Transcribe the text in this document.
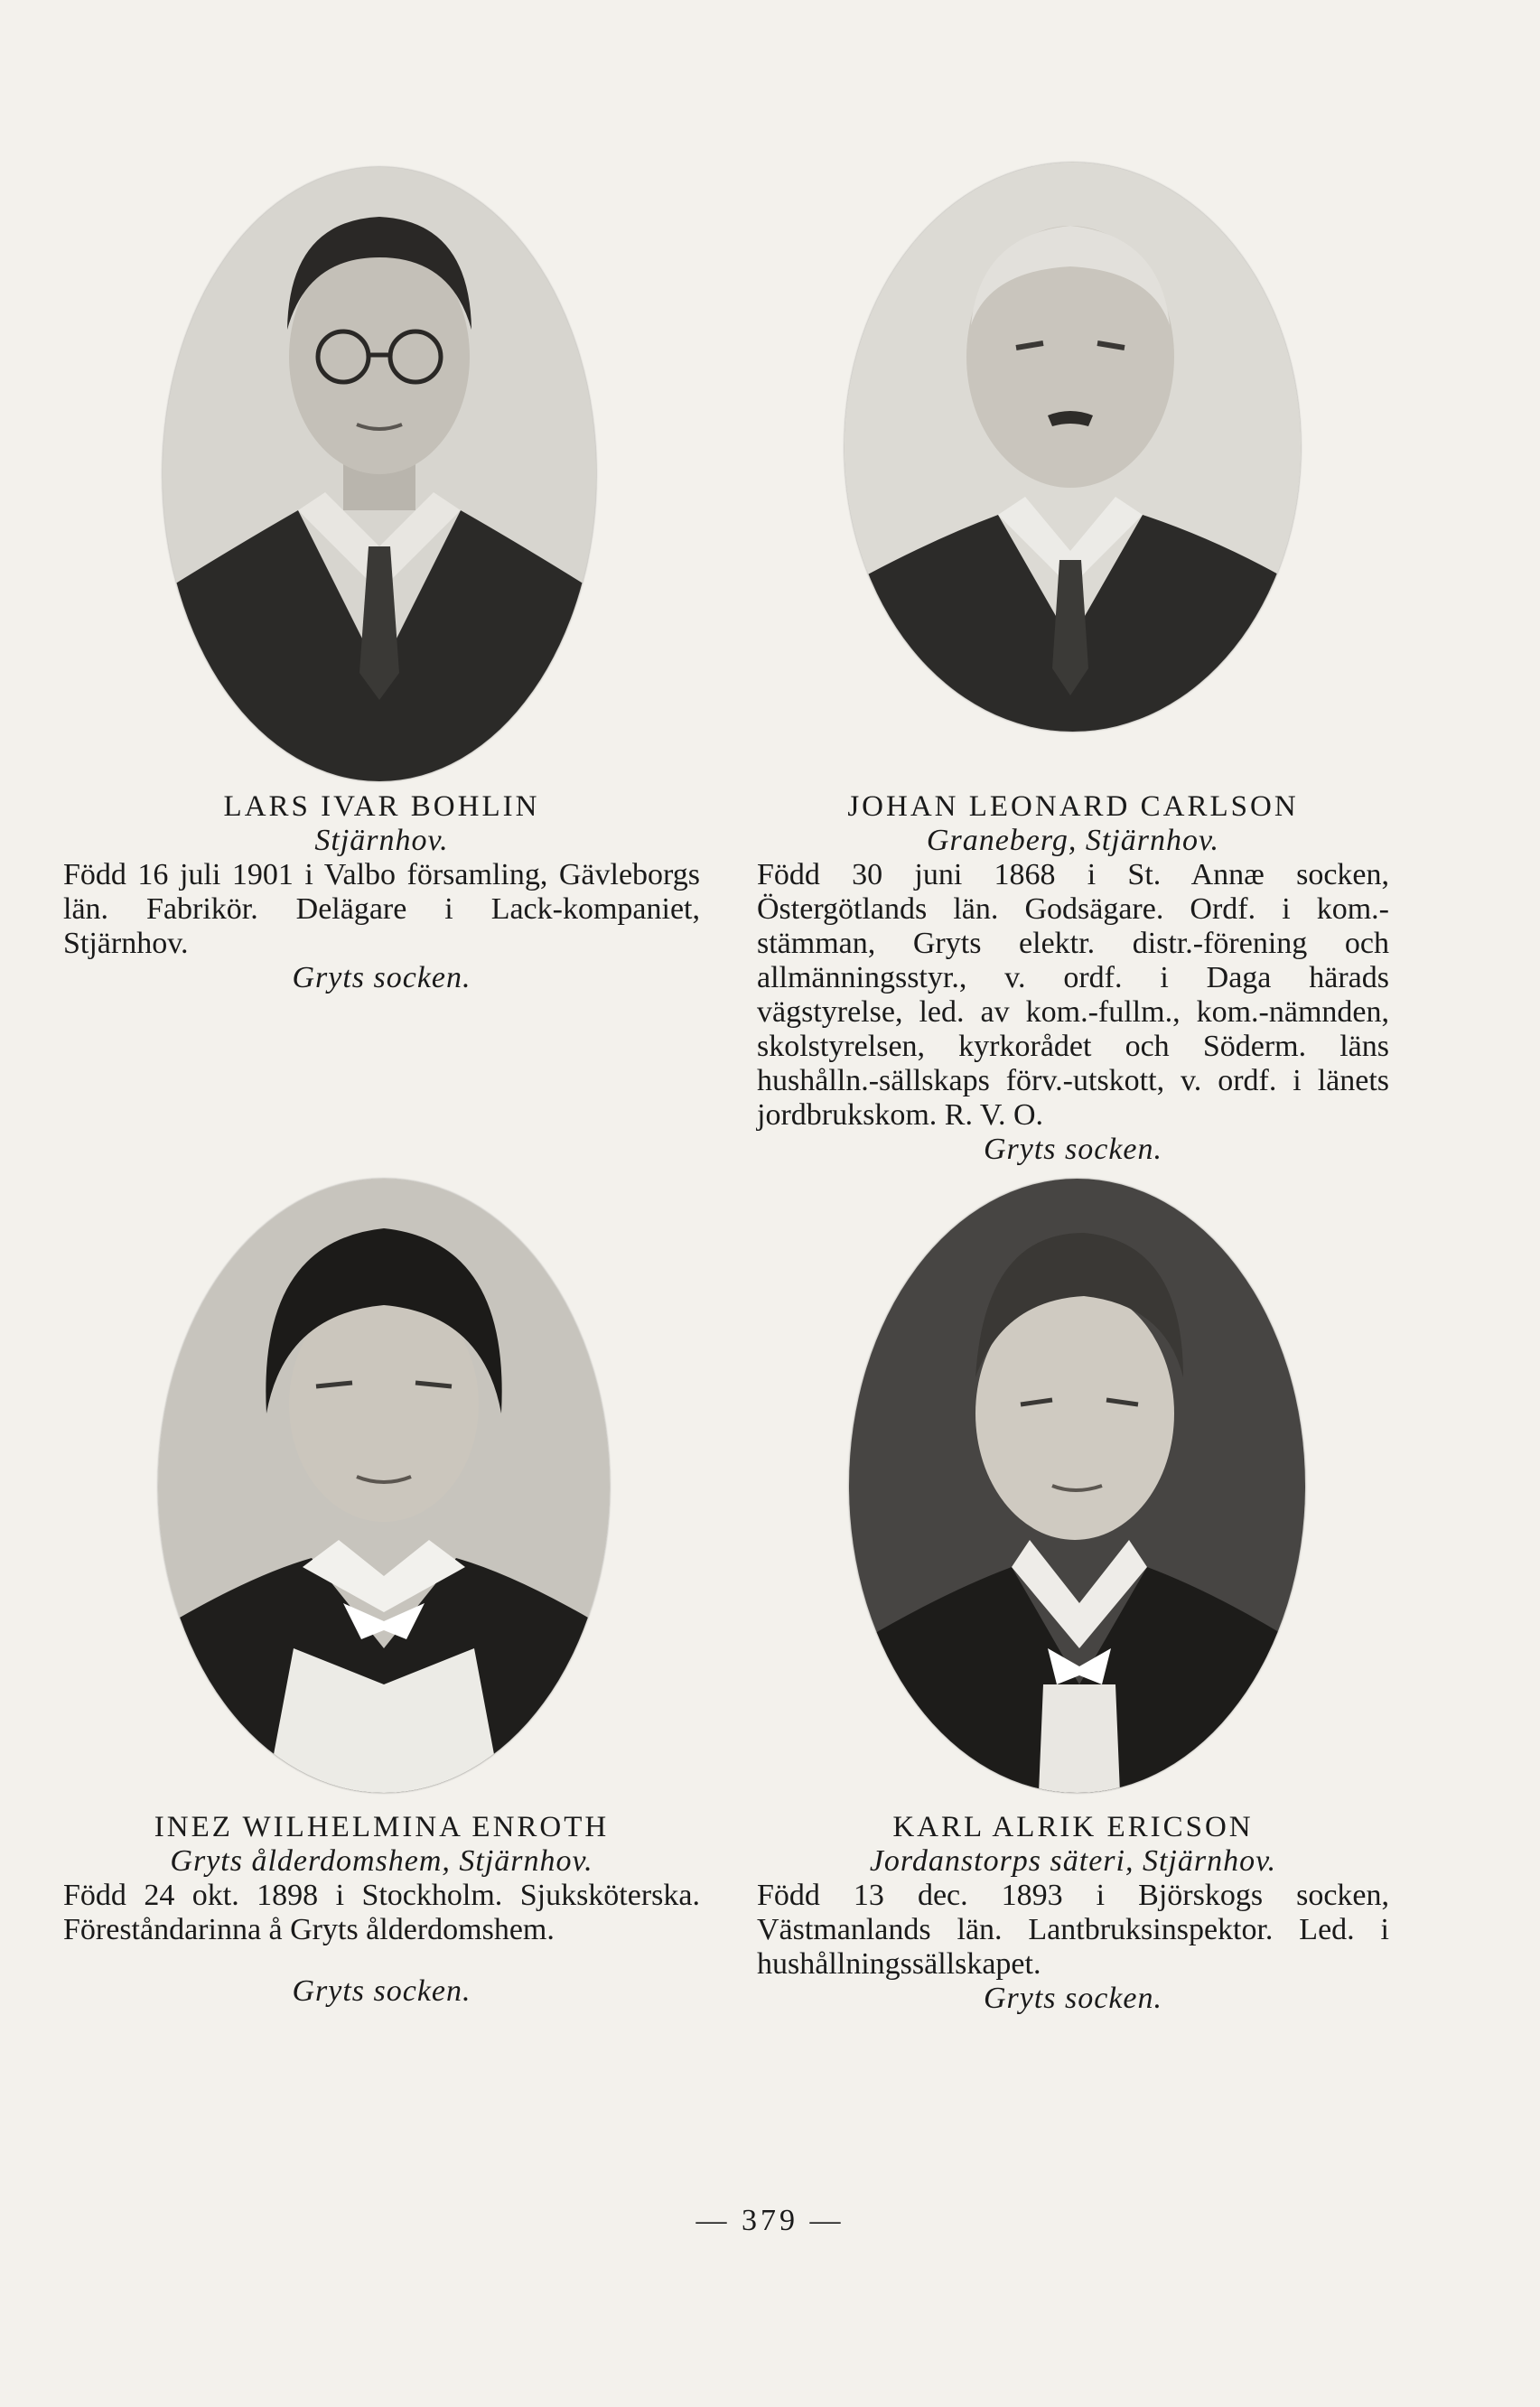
LARS IVAR BOHLIN
Stjärnhov.
Född 16 juli 1901 i Valbo församling, Gävleborgs län. Fabrikör. Delägare i Lack-kompaniet, Stjärnhov.
Gryts socken.
JOHAN LEONARD CARLSON
Graneberg, Stjärnhov.
Född 30 juni 1868 i St. Annæ socken, Östergötlands län. Godsägare. Ordf. i kom.-stämman, Gryts elektr. distr.-förening och allmänningsstyr., v. ordf. i Daga härads vägstyrelse, led. av kom.-fullm., kom.-nämnden, skolstyrelsen, kyrkorådet och Söderm. läns hushålln.-sällskaps förv.-utskott, v. ordf. i länets jordbrukskom. R. V. O.
Gryts socken.
INEZ WILHELMINA ENROTH
Gryts ålderdomshem, Stjärnhov.
Född 24 okt. 1898 i Stockholm. Sjuksköterska. Föreståndarinna å Gryts ålderdomshem.
Gryts socken.
KARL ALRIK ERICSON
Jordanstorps säteri, Stjärnhov.
Född 13 dec. 1893 i Björskogs socken, Västmanlands län. Lantbruksinspektor. Led. i hushållningssällskapet.
Gryts socken.
— 379 —
